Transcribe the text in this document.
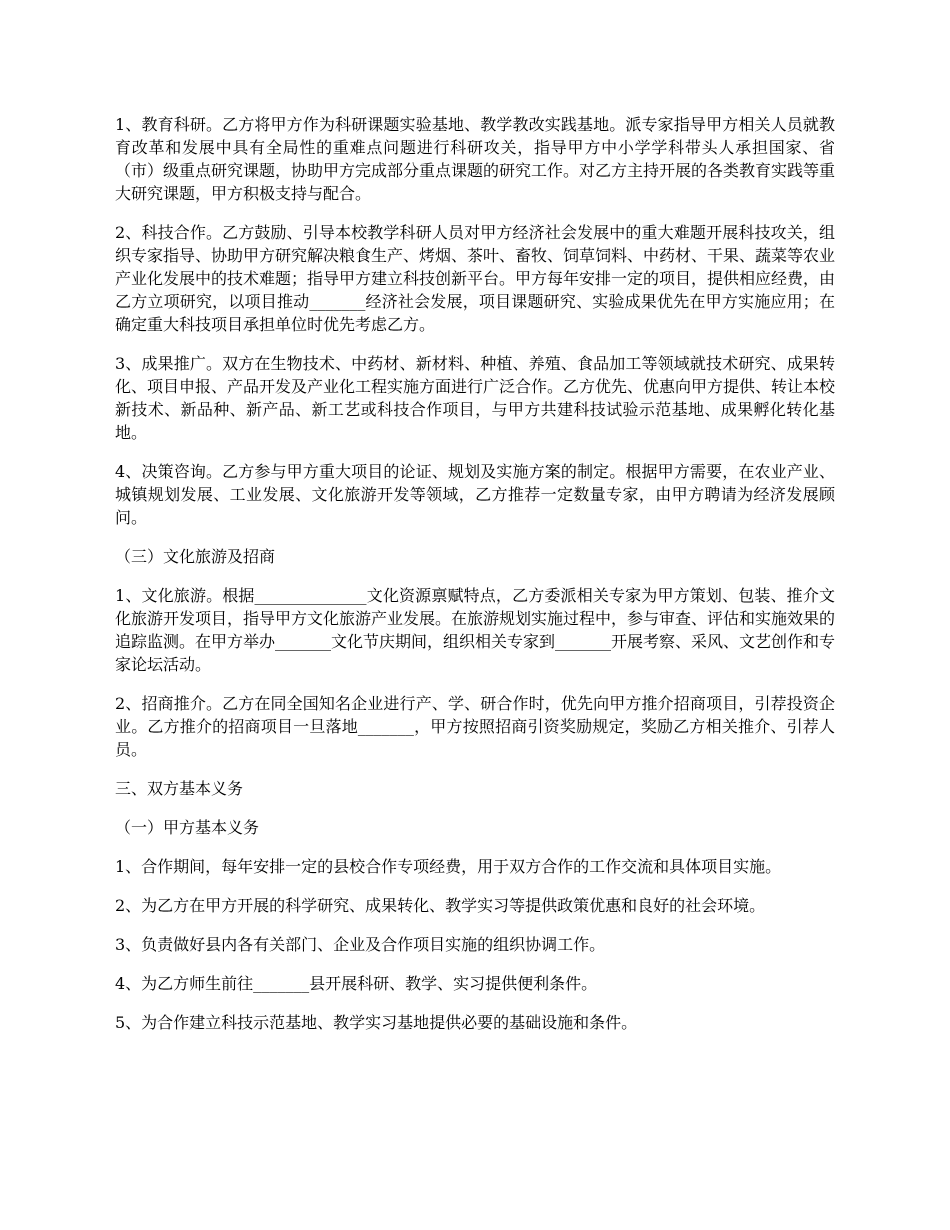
1、教育科研。乙方将甲方作为科研课题实验基地、教学教改实践基地。派专家指导甲方相关人员就教育改革和发展中具有全局性的重难点问题进行科研攻关，指导甲方中小学学科带头人承担国家、省（市）级重点研究课题，协助甲方完成部分重点课题的研究工作。对乙方主持开展的各类教育实践等重大研究课题，甲方积极支持与配合。

2、科技合作。乙方鼓励、引导本校教学科研人员对甲方经济社会发展中的重大难题开展科技攻关，组织专家指导、协助甲方研究解决粮食生产、烤烟、茶叶、畜牧、饲草饲料、中药材、干果、蔬菜等农业产业化发展中的技术难题；指导甲方建立科技创新平台。甲方每年安排一定的项目，提供相应经费，由乙方立项研究，以项目推动_______经济社会发展，项目课题研究、实验成果优先在甲方实施应用；在确定重大科技项目承担单位时优先考虑乙方。

3、成果推广。双方在生物技术、中药材、新材料、种植、养殖、食品加工等领域就技术研究、成果转化、项目申报、产品开发及产业化工程实施方面进行广泛合作。乙方优先、优惠向甲方提供、转让本校新技术、新品种、新产品、新工艺或科技合作项目，与甲方共建科技试验示范基地、成果孵化转化基地。

4、决策咨询。乙方参与甲方重大项目的论证、规划及实施方案的制定。根据甲方需要，在农业产业、城镇规划发展、工业发展、文化旅游开发等领域，乙方推荐一定数量专家，由甲方聘请为经济发展顾问。

（三）文化旅游及招商

1、文化旅游。根据______________文化资源禀赋特点，乙方委派相关专家为甲方策划、包装、推介文化旅游开发项目，指导甲方文化旅游产业发展。在旅游规划实施过程中，参与审查、评估和实施效果的追踪监测。在甲方举办_______文化节庆期间，组织相关专家到_______开展考察、采风、文艺创作和专家论坛活动。

2、招商推介。乙方在同全国知名企业进行产、学、研合作时，优先向甲方推介招商项目，引荐投资企业。乙方推介的招商项目一旦落地_______，甲方按照招商引资奖励规定，奖励乙方相关推介、引荐人员。

三、双方基本义务

（一）甲方基本义务

1、合作期间，每年安排一定的县校合作专项经费，用于双方合作的工作交流和具体项目实施。

2、为乙方在甲方开展的科学研究、成果转化、教学实习等提供政策优惠和良好的社会环境。

3、负责做好县内各有关部门、企业及合作项目实施的组织协调工作。

4、为乙方师生前往_______县开展科研、教学、实习提供便利条件。

5、为合作建立科技示范基地、教学实习基地提供必要的基础设施和条件。
